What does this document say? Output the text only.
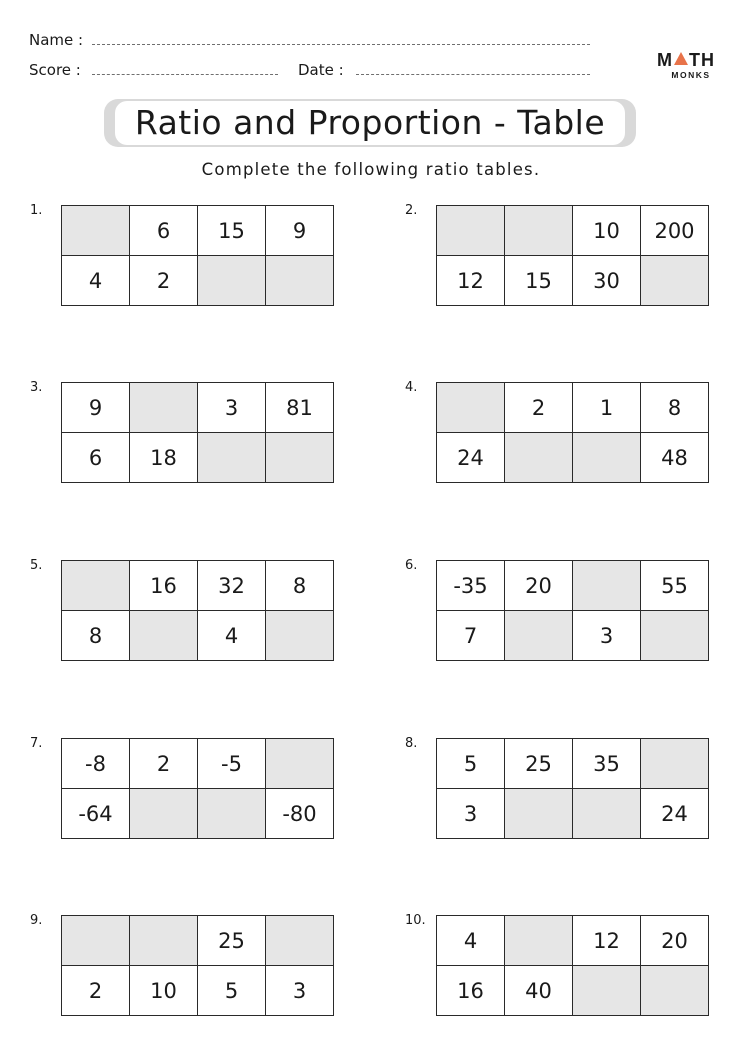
Name :
Score :	Date :	M TH
MONKS
Ratio and Proportion - Table
Complete the following ratio tables.
1.
	6	15	9
4	2		
2.
		10	200
12	15	30	
3.
9		3	81
6	18		
4.
	2	1	8
24			48
5.
	16	32	8
8		4	
6.
-35	20		55
7		3	
7.
-8	2	-5	
-64			-80
8.
5	25	35	
3			24
9.
		25	
2	10	5	3
10.
4		12	20
16	40		
